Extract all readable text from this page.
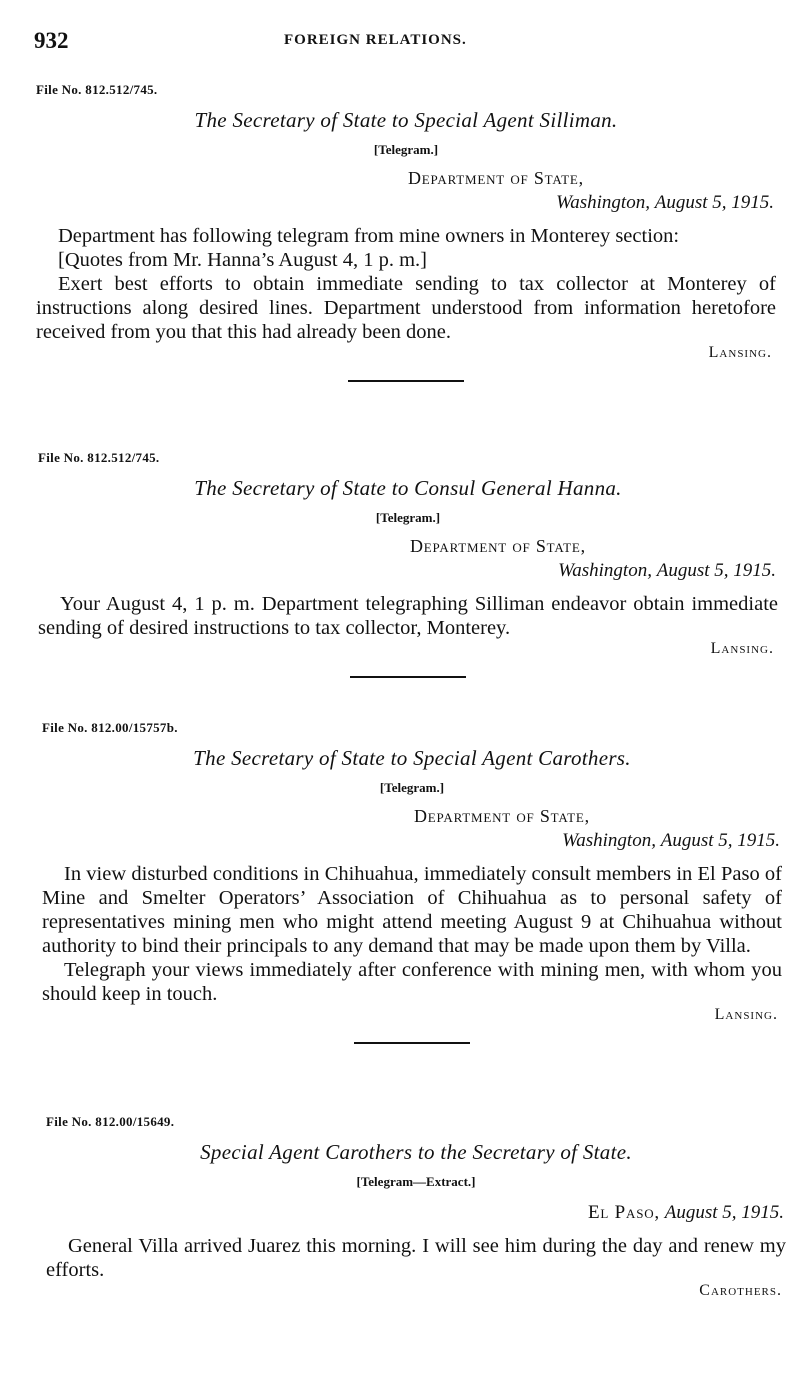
932	FOREIGN RELATIONS.

File No. 812.512/745.

The Secretary of State to Special Agent Silliman.

[Telegram.]

Department of State,

Washington, August 5, 1915.

Department has following telegram from mine owners in Monterey section:

[Quotes from Mr. Hanna’s August 4, 1 p. m.]

Exert best efforts to obtain immediate sending to tax collector at Monterey of instructions along desired lines. Department understood from information heretofore received from you that this had already been done.

Lansing.

File No. 812.512/745.

The Secretary of State to Consul General Hanna.

[Telegram.]

Department of State,

Washington, August 5, 1915.

Your August 4, 1 p. m. Department telegraphing Silliman endeavor obtain immediate sending of desired instructions to tax collector, Monterey.

Lansing.

File No. 812.00/15757b.

The Secretary of State to Special Agent Carothers.

[Telegram.]

Department of State,

Washington, August 5, 1915.

In view disturbed conditions in Chihuahua, immediately consult members in El Paso of Mine and Smelter Operators’ Association of Chihuahua as to personal safety of representatives mining men who might attend meeting August 9 at Chihuahua without authority to bind their principals to any demand that may be made upon them by Villa.

Telegraph your views immediately after conference with mining men, with whom you should keep in touch.

Lansing.

File No. 812.00/15649.

Special Agent Carothers to the Secretary of State.

[Telegram—Extract.]

El Paso, August 5, 1915.

General Villa arrived Juarez this morning. I will see him during the day and renew my efforts.

Carothers.
